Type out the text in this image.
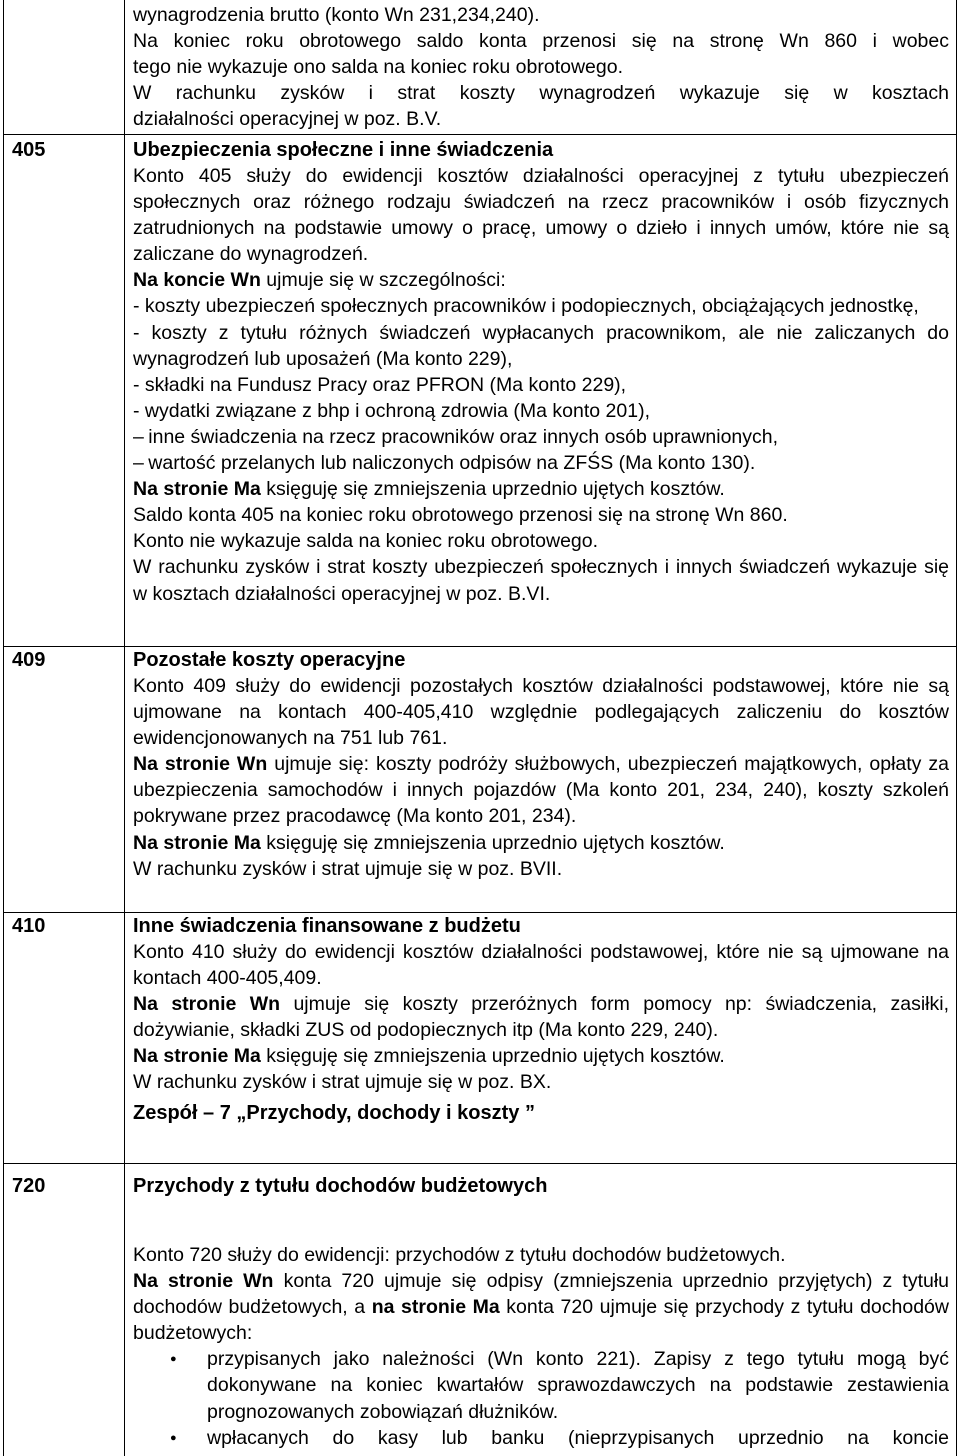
wynagrodzenia brutto (konto Wn 231,234,240).

Na koniec roku obrotowego saldo konta przenosi się na stronę Wn 860 i wobec

tego nie wykazuje ono salda na koniec roku obrotowego.

W rachunku zysków i strat koszty wynagrodzeń wykazuje się w kosztach

działalności operacyjnej w poz. B.V.

405	Ubezpieczenia społeczne i inne świadczenia

Konto 405 służy do ewidencji kosztów działalności operacyjnej z tytułu ubezpieczeń społecznych oraz różnego rodzaju świadczeń na rzecz pracowników i osób fizycznych zatrudnionych na podstawie umowy o pracę, umowy o dzieło i innych umów, które nie są zaliczane do wynagrodzeń.

Na koncie Wn ujmuje się w szczególności:

- koszty ubezpieczeń społecznych pracowników i podopiecznych, obciążających jednostkę,

- koszty z tytułu różnych świadczeń wypłacanych pracownikom, ale nie zaliczanych do wynagrodzeń lub uposażeń (Ma konto 229),

- składki na Fundusz Pracy oraz PFRON (Ma konto 229),

- wydatki związane z bhp i ochroną zdrowia (Ma konto 201),

– inne świadczenia na rzecz pracowników oraz innych osób uprawnionych,

– wartość przelanych lub naliczonych odpisów na ZFŚS (Ma konto 130).

Na stronie Ma księguję się zmniejszenia uprzednio ujętych kosztów.

Saldo konta 405 na koniec roku obrotowego przenosi się na stronę Wn 860.

Konto nie wykazuje salda na koniec roku obrotowego.

W rachunku zysków i strat koszty ubezpieczeń społecznych i innych świadczeń wykazuje się w kosztach działalności operacyjnej w poz. B.VI.

409	Pozostałe koszty operacyjne

Konto 409 służy do ewidencji pozostałych kosztów działalności podstawowej, które nie są ujmowane na kontach 400-405,410 względnie podlegających zaliczeniu do kosztów ewidencjonowanych na 751 lub 761.

Na stronie Wn ujmuje się: koszty podróży służbowych, ubezpieczeń majątkowych, opłaty za ubezpieczenia samochodów i innych pojazdów (Ma konto 201, 234, 240), koszty szkoleń pokrywane przez pracodawcę (Ma konto 201, 234).

Na stronie Ma księguję się zmniejszenia uprzednio ujętych kosztów.

W rachunku zysków i strat ujmuje się w poz. BVII.

410	Inne świadczenia finansowane z budżetu

Konto 410 służy do ewidencji kosztów działalności podstawowej, które nie są ujmowane na kontach 400-405,409.

Na stronie Wn ujmuje się koszty przeróżnych form pomocy np: świadczenia, zasiłki, dożywianie, składki ZUS od podopiecznych itp (Ma konto 229, 240).

Na stronie Ma księguję się zmniejszenia uprzednio ujętych kosztów.

W rachunku zysków i strat ujmuje się w poz. BX.

Zespół – 7 „Przychody, dochody i koszty ”

720	Przychody z tytułu dochodów budżetowych

Konto 720 służy do ewidencji: przychodów z tytułu dochodów budżetowych.

Na stronie Wn konta 720 ujmuje się odpisy (zmniejszenia uprzednio przyjętych) z tytułu dochodów budżetowych, a na stronie Ma konta 720 ujmuje się przychody z tytułu dochodów budżetowych:

● przypisanych jako należności (Wn konto 221). Zapisy z tego tytułu mogą być dokonywane na koniec kwartałów sprawozdawczych na podstawie zestawienia prognozowanych zobowiązań dłużników.
● wpłacanych do kasy lub banku (nieprzypisanych uprzednio na koncie
